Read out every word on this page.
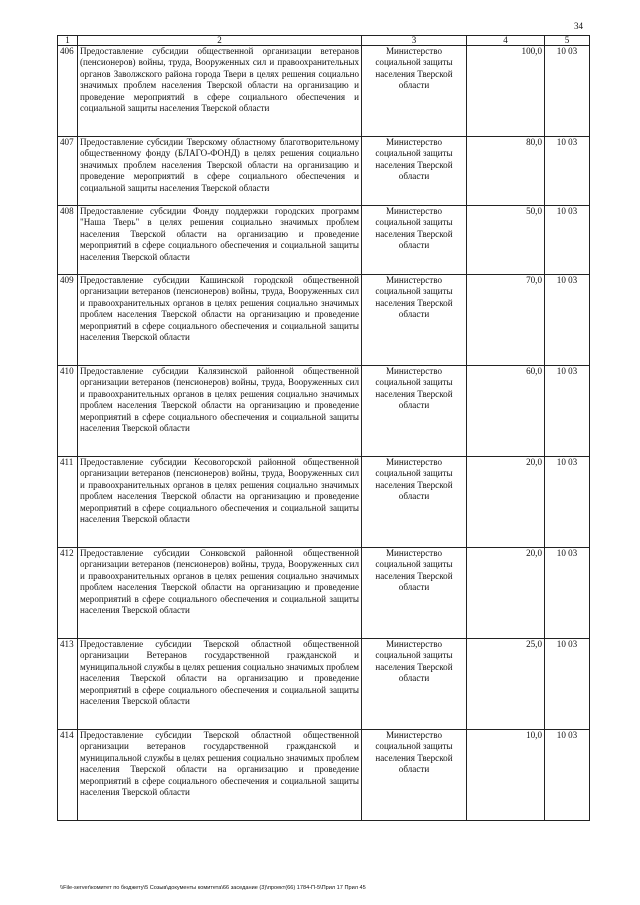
34
1	2	3	4	5
406	Предоставление субсидии общественной организации ветеранов (пенсионеров) войны, труда, Вооруженных сил и правоохранительных органов Заволжского района города Твери в целях решения социально значимых проблем населения Тверской области на организацию и проведение мероприятий в сфере социального обеспечения и социальной защиты населения Тверской области	Министерство социальной защиты населения Тверской области	100,0	10 03
407	Предоставление субсидии Тверскому областному благотворительному общественному фонду (БЛАГО-ФОНД) в целях решения социально значимых проблем населения Тверской области на организацию и проведение мероприятий в сфере социального обеспечения и социальной защиты населения Тверской области	Министерство социальной защиты населения Тверской области	80,0	10 03
408	Предоставление субсидии Фонду поддержки городских программ "Наша Тверь" в целях решения социально значимых проблем населения Тверской области на организацию и проведение мероприятий в сфере социального обеспечения и социальной защиты населения Тверской области	Министерство социальной защиты населения Тверской области	50,0	10 03
409	Предоставление субсидии Кашинской городской общественной организации ветеранов (пенсионеров) войны, труда, Вооруженных сил и правоохранительных органов в целях решения социально значимых проблем населения Тверской области на организацию и проведение мероприятий в сфере социального обеспечения и социальной защиты населения Тверской области	Министерство социальной защиты населения Тверской области	70,0	10 03
410	Предоставление субсидии Калязинской районной общественной организации ветеранов (пенсионеров) войны, труда, Вооруженных сил и правоохранительных органов в целях решения социально значимых проблем населения Тверской области на организацию и проведение мероприятий в сфере социального обеспечения и социальной защиты населения Тверской области	Министерство социальной защиты населения Тверской области	60,0	10 03
411	Предоставление субсидии Кесовогорской районной общественной организации ветеранов (пенсионеров) войны, труда, Вооруженных сил и правоохранительных органов в целях решения социально значимых проблем населения Тверской области на организацию и проведение мероприятий в сфере социального обеспечения и социальной защиты населения Тверской области	Министерство социальной защиты населения Тверской области	20,0	10 03
412	Предоставление субсидии Сонковской районной общественной организации ветеранов (пенсионеров) войны, труда, Вооруженных сил и правоохранительных органов в целях решения социально значимых проблем населения Тверской области на организацию и проведение мероприятий в сфере социального обеспечения и социальной защиты населения Тверской области	Министерство социальной защиты населения Тверской области	20,0	10 03
413	Предоставление субсидии Тверской областной общественной организации Ветеранов государственной гражданской и муниципальной службы в целях решения социально значимых проблем населения Тверской области на организацию и проведение мероприятий в сфере социального обеспечения и социальной защиты населения Тверской области	Министерство социальной защиты населения Тверской области	25,0	10 03
414	Предоставление субсидии Тверской областной общественной организации ветеранов государственной гражданской и муниципальной службы в целях решения социально значимых проблем населения Тверской области на организацию и проведение мероприятий в сфере социального обеспечения и социальной защиты населения Тверской области	Министерство социальной защиты населения Тверской области	10,0	10 03
\\File-server\комитет по бюджету\5 Созыв\документы комитета\66 заседание (3)\проект(66) 1784-П-5\Прил 17 Прил 45
